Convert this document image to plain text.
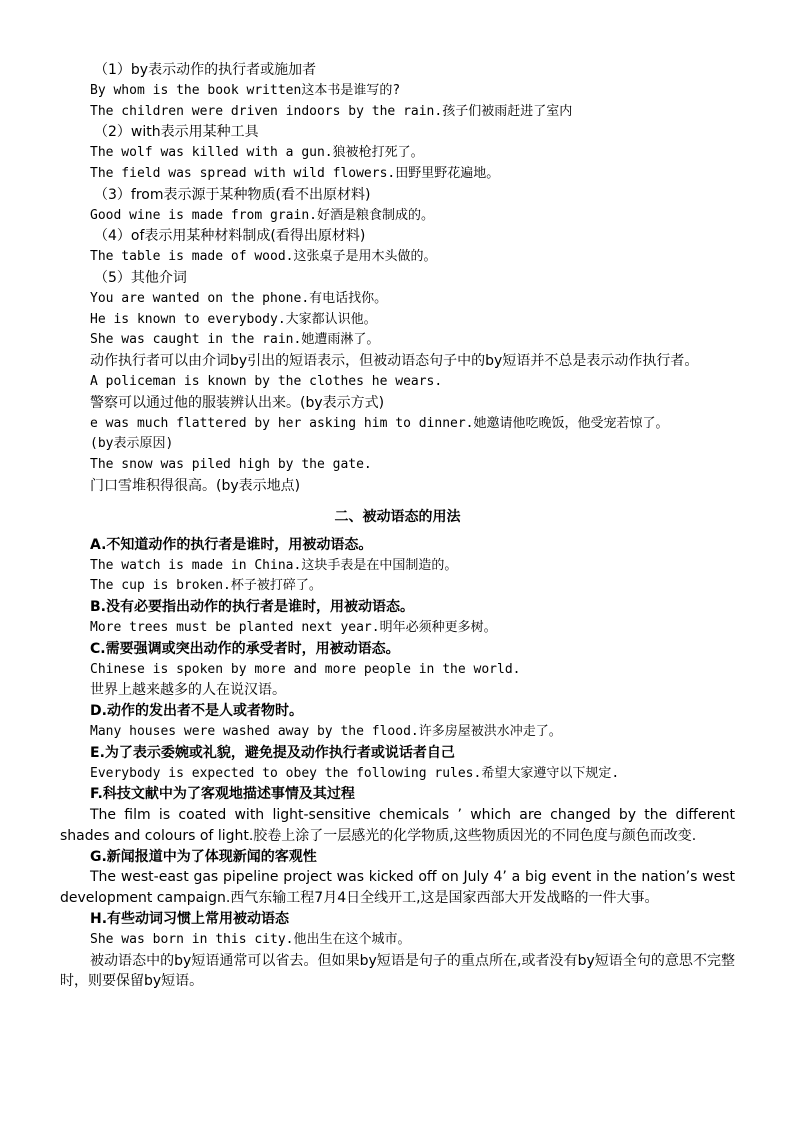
（1）by表示动作的执行者或施加者
By whom is the book written这本书是谁写的?
The children were driven indoors by the rain.孩子们被雨赶进了室内
（2）with表示用某种工具
The wolf was killed with a gun.狼被枪打死了。
The field was spread with wild flowers.田野里野花遍地。
（3）from表示源于某种物质(看不出原材料)
Good wine is made from grain.好酒是粮食制成的。
（4）of表示用某种材料制成(看得出原材料)
The table is made of wood.这张桌子是用木头做的。
（5）其他介词
You are wanted on the phone.有电话找你。
He is known to everybody.大家都认识他。
She was caught in the rain.她遭雨淋了。
动作执行者可以由介词by引出的短语表示，但被动语态句子中的by短语并不总是表示动作执行者。
A policeman is known by the clothes he wears.
警察可以通过他的服装辨认出来。(by表示方式)
e was much flattered by her asking him to dinner.她邀请他吃晚饭，他受宠若惊了。
(by表示原因)
The snow was piled high by the gate.
门口雪堆积得很高。(by表示地点)
二、被动语态的用法
A.不知道动作的执行者是谁时，用被动语态。
The watch is made in China.这块手表是在中国制造的。
The cup is broken.杯子被打碎了。
B.没有必要指出动作的执行者是谁时，用被动语态。
More trees must be planted next year.明年必须种更多树。
C.需要强调或突出动作的承受者时，用被动语态。
Chinese is spoken by more and more people in the world.
世界上越来越多的人在说汉语。
D.动作的发出者不是人或者物时。
Many houses were washed away by the flood.许多房屋被洪水冲走了。
E.为了表示委婉或礼貌，避免提及动作执行者或说话者自己
Everybody is expected to obey the following rules.希望大家遵守以下规定.
F.科技文献中为了客观地描述事情及其过程
The film is coated with light-sensitive chemicals ’ which are changed by the different shades and colours of light.胶卷上涂了一层感光的化学物质,这些物质因光的不同色度与颜色而改变.
G.新闻报道中为了体现新闻的客观性
The west-east gas pipeline project was kicked off on July 4’ a big event in the nation’s west development campaign.西气东输工程7月4日全线开工,这是国家西部大开发战略的一件大事。
H.有些动词习惯上常用被动语态
She was born in this city.他出生在这个城市。
被动语态中的by短语通常可以省去。但如果by短语是句子的重点所在,或者没有by短语全句的意思不完整时，则要保留by短语。
